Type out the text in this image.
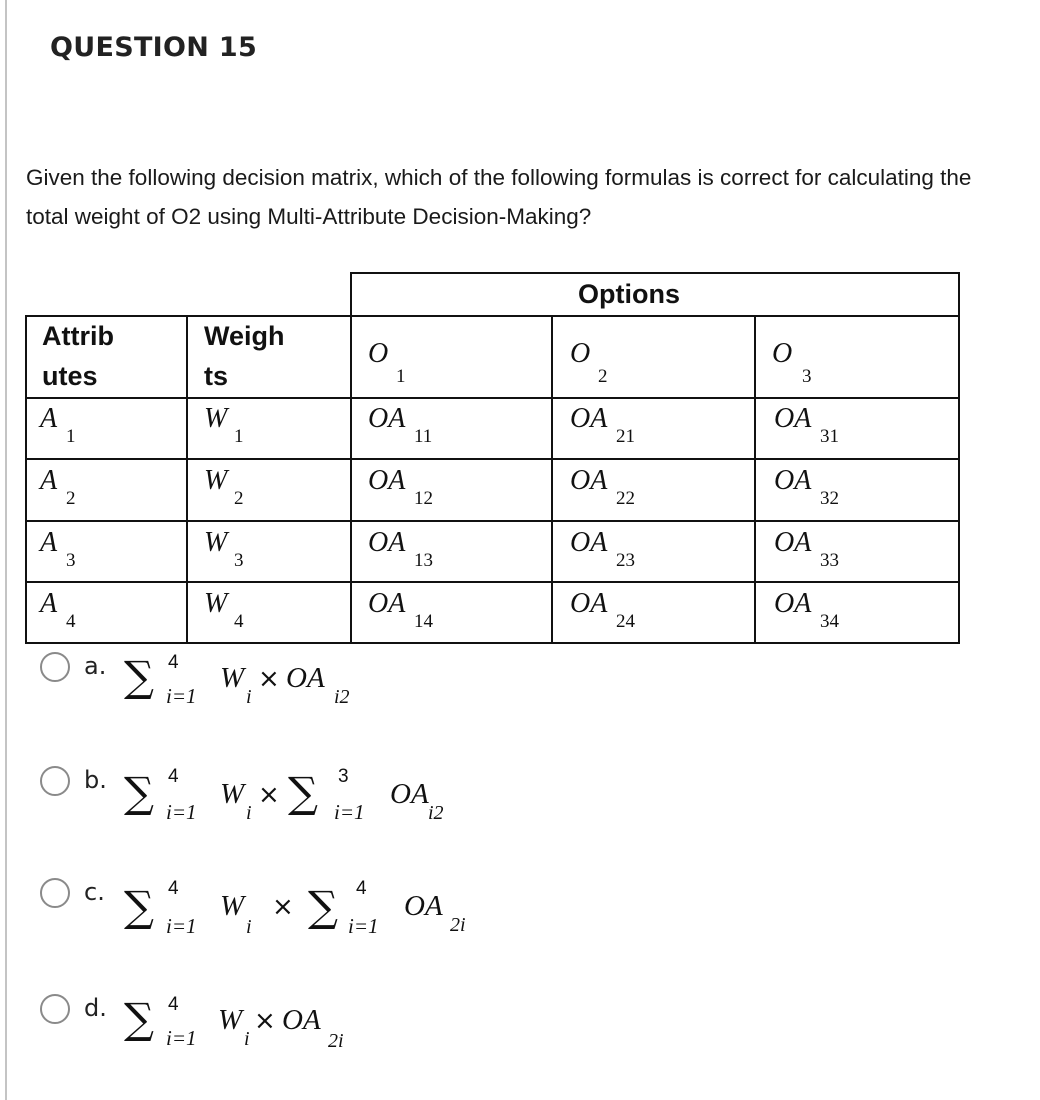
QUESTION 15
Given the following decision matrix, which of the following formulas is correct for calculating the total weight of O2 using Multi-Attribute Decision-Making?
Options
Attrib
utes
Weigh
ts
O
1
O
2
O
3
A
1
W
1
OA
11
OA
21
OA
31
A
2
W
2
OA
12
OA
22
OA
32
A
3
W
3
OA
13
OA
23
OA
33
A
4
W
4
OA
14
OA
24
OA
34
a. ∑ 4
i=1
W
i
× OA
i2
b. ∑ 4
i=1
W
i
× ∑ 3
i=1
OA
i2
c. ∑ 4
i=1
W
i
× ∑ 4
i=1
OA
2i
d. ∑ 4
i=1
W
i
× OA
2i
